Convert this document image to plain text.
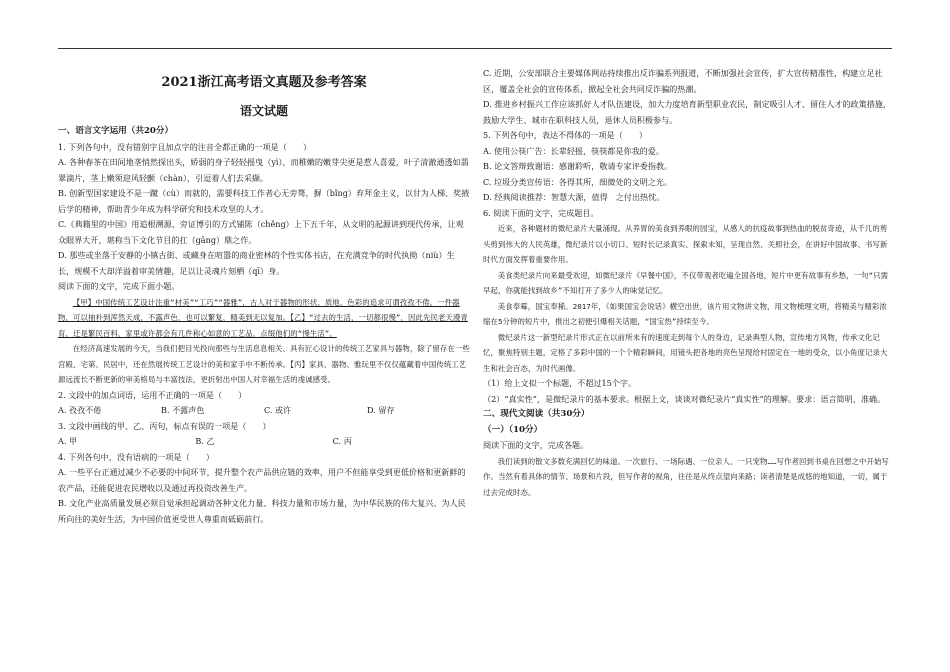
2021浙江高考语文真题及参考答案
语文试题
一、语言文字运用（共20分）
1. 下列各句中，没有错别字且加点字的注音全都正确的一项是（　　）
A. 各种春茶在田间地垄悄然探出头，娇弱的身子轻轻摇曳（yì），而稚嫩的嫩芽尖更是惹人喜爱，叶子清澈通透如翡翠滴片，茎上嫩须迎风轻颤（chàn），引逗着人们去采撷。
B. 创新型国家建设不是一蹴（cù）而就的，需要科技工作者心无旁骛，摒（bǐng）弃拜金主义，以甘为人梯、奖掖后学的精神，帮助青少年成为科学研究和技术攻坚的人才。
C.《典籍里的中国》用追根溯源、旁证博引的方式铺陈（chěng）上下五千年，从文明的起源讲到现代传承，让观众眼界大开，堪称当下文化节目的扛（gāng）鼎之作。
D. 那些或坐落于安静的小镇古街、或藏身在喧嚣的商业密林的个性实体书店，在充满竞争的时代执拗（niù）生长，规模不大却洋溢着审美情趣，足以让灵魂片刻栖（qī）身。
阅读下面的文字，完成下面小题。
【甲】中国传统工艺设计注重“材美”“工巧”“器雅”，古人对于器物的形状、质地、色彩的追求可谓孜孜不倦。一件器物，可以抽朴到浑然天成，不露声色，也可以繁复，精美到无以复加。【乙】“过去的生活，一切都很慢”，因此先民老天漫青育，迁是繁民百料，家里或许都会有几件称心如意的工艺品，点缀他们的“慢生活”。
在经济高速发展的今天，当我们把目光投向那些与生活息息相关、具有匠心设计的传统工艺家具与器物，除了留存在一些宫殿、宅第、民居中，还在然展传统工艺设计的美和家手中不断传承。【丙】家具、器物、雅玩里不仅仅蕴藏着中国传统工艺源远流长不断更新的审美格局与丰富技法，更折射出中国人对幸福生活的虔诚感受。
2. 文段中的加点词语，运用不正确的一项是（　　）
A. 孜孜不倦	B. 不露声色	C. 或许	D. 留存
3. 文段中画线的甲、乙、丙句，标点有误的一项是（　　）
A. 甲	B. 乙	C. 丙
4. 下列各句中，没有语病的一项是（　　）
A. 一些平台正通过减少不必要的中间环节，提升整个农产品供应链的效率，用户不但能享受到更低价格和更新鲜的农产品，还能促进农民增收以及通过再投资改善生产。
B. 文化产业高质量发展必须自觉承担起调动各种文化力量、科技力量和市场力量，为中华民族的伟大复兴、为人民所向往的美好生活，为中国价值更受世人尊重而砥砺前行。
C. 近期，公安部联合主要媒体网站持续推出反诈骗系列报道，不断加强社会宣传，扩大宣传精准性，构建立足社区，覆盖全社会的宣传体系，掀起全社会共同反诈骗的热潮。
D. 推进乡村振兴工作应该抓好人才队伍建设，加大力度培育新型职业农民，制定吸引人才、留住人才的政策措施，鼓励大学生、城市在职科技人员，退休人员积极参与。
5. 下列各句中，表达不得体的一项是（　　）
A. 使用公筷广告：长辈轻摇，筷筷都是你我的爱。
B. 论文答辩致谢语：感谢聆听，敬请专家评委指教。
C. 垃圾分类宣传语：各得其所，细微处的文明之光。
D. 经典阅读推荐：智慧大源，值得　之付出热忱。
6. 阅读下面的文字，完成题目。
近来，各种题材的微纪录片大量涌现。从养胃的美食到养眼的园宝，从感人的抗疫故事到热血的脱贫奇迹，从千几的剪头剪到伟大的人民英雄，微纪录片以小切口、短时长记录真实、探索未知，呈现自然、关照社会，在讲好中国故事、书写新时代方面发挥着重要作用。
美食类纪录片向来最受欢迎，如微纪录片《早餐中国》，不仅带观者吃遍全国各地，短片中更有故事有乡愁，一句“只需早起，你就能找到故乡”不知打开了多少人的味觉记忆。
美食奉霉，国宝奉稀。2017年，《如果国宝会说话》横空出世，该片用文物讲文物，用文物梳理文明，将精美与精彩浓缩在5分钟的短片中，推出之初便引爆相关话题，“国宝热”持续至今。
微纪录片这一新型纪录片形式正在以前所未有的速度走到每个人的身边，记录典型人物，宣传地方风物，传承文化记忆，聚焦特别主题，定格了多彩中国的一个个精彩瞬间，用镜头把各地的亮色呈现给村固定在一地的受众，以小角度记录大生和社会百态，为时代画像。
（1）给上文拟一个标题，不超过15个字。
（2）“真实性”，是微纪录片的基本要求。根据上文，谈谈对微纪录片“真实性”的理解。要求：语言简明、准确。
二、现代文阅读（共30分）
（一）（10分）
阅读下面的文字，完成各题。
我们读到的散文多数充满回忆的味道。一次旅行、一场际遇、一位亲人、一只宠物……写作者回到书桌在回想之中开始写作。当然有着具体的情节、场景和片段，但写作者的视角，往往是从终点望向来路；读者清楚是成悠的地知道，一切，属于过去完成时态。
